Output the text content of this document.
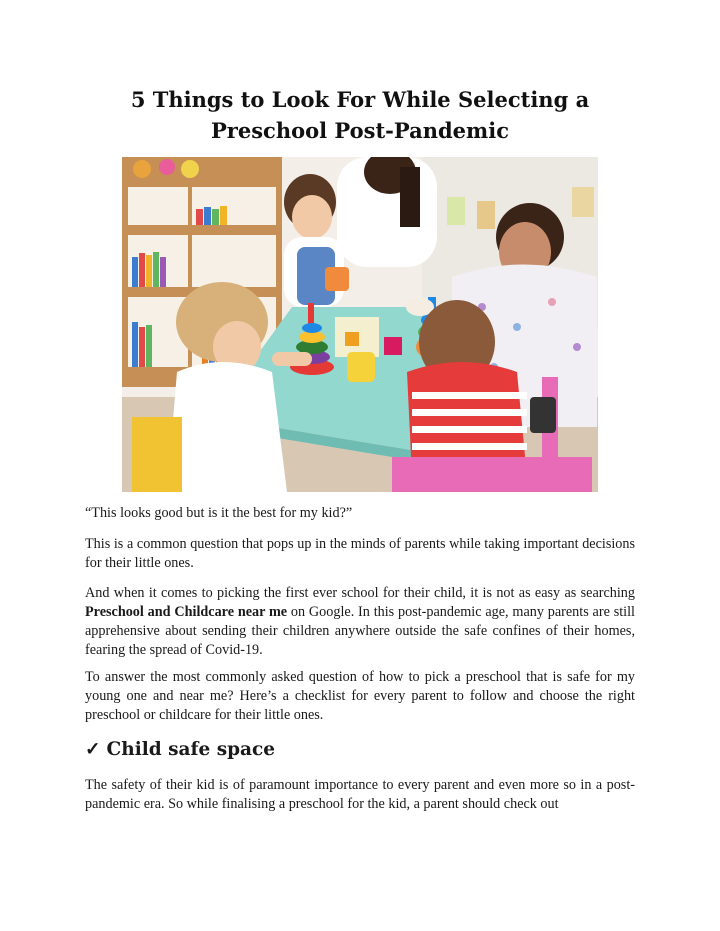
5 Things to Look For While Selecting a Preschool Post-Pandemic

“This looks good but is it the best for my kid?”

This is a common question that pops up in the minds of parents while taking important decisions for their little ones.

And when it comes to picking the first ever school for their child, it is not as easy as searching Preschool and Childcare near me on Google. In this post-pandemic age, many parents are still apprehensive about sending their children anywhere outside the safe confines of their homes, fearing the spread of Covid-19.

To answer the most commonly asked question of how to pick a preschool that is safe for my young one and near me? Here’s a checklist for every parent to follow and choose the right preschool or childcare for their little ones.

✓ Child safe space

The safety of their kid is of paramount importance to every parent and even more so in a post-pandemic era. So while finalising a preschool for the kid, a parent should check out
